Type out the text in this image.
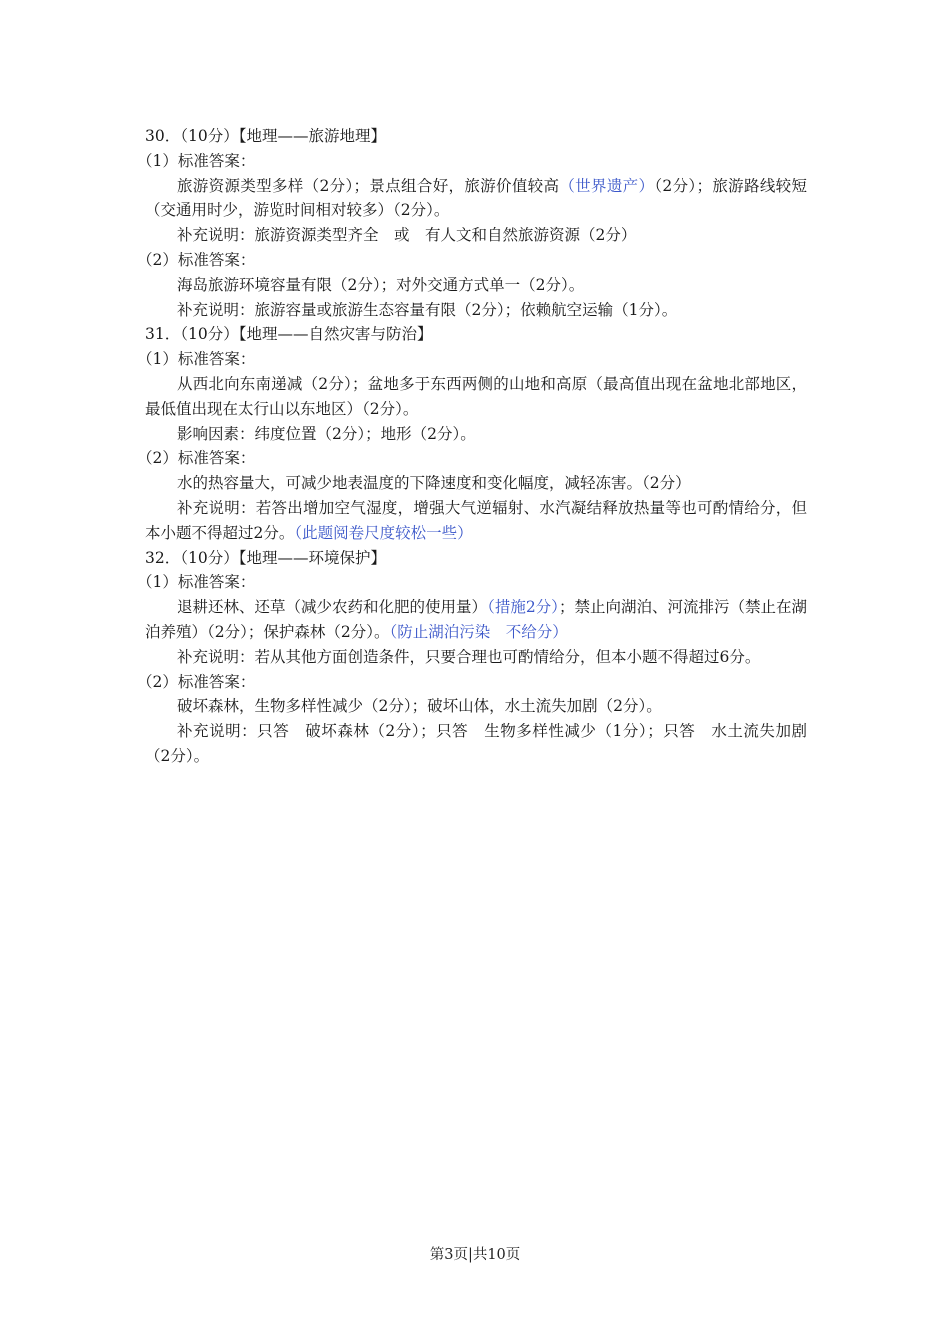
30．（10分）【地理——旅游地理】
（1）标准答案：
旅游资源类型多样（2分）；景点组合好，旅游价值较高（世界遗产）（2分）；旅游路线较短（交通用时少，游览时间相对较多）（2分）。
补充说明：旅游资源类型齐全　或　有人文和自然旅游资源（2分）
（2）标准答案：
海岛旅游环境容量有限（2分）；对外交通方式单一（2分）。
补充说明：旅游容量或旅游生态容量有限（2分）；依赖航空运输（1分）。
31．（10分）【地理——自然灾害与防治】
（1）标准答案：
从西北向东南递减（2分）；盆地多于东西两侧的山地和高原（最高值出现在盆地北部地区，最低值出现在太行山以东地区）（2分）。
影响因素：纬度位置（2分）；地形（2分）。
（2）标准答案：
水的热容量大，可减少地表温度的下降速度和变化幅度，减轻冻害。（2分）
补充说明：若答出增加空气湿度，增强大气逆辐射、水汽凝结释放热量等也可酌情给分，但本小题不得超过2分。（此题阅卷尺度较松一些）
32．（10分）【地理——环境保护】
（1）标准答案：
退耕还林、还草（减少农药和化肥的使用量）（措施2分）；禁止向湖泊、河流排污（禁止在湖泊养殖）（2分）；保护森林（2分）。（防止湖泊污染　不给分）
补充说明：若从其他方面创造条件，只要合理也可酌情给分，但本小题不得超过6分。
（2）标准答案：
破坏森林，生物多样性减少（2分）；破坏山体，水土流失加剧（2分）。
补充说明：只答　破坏森林（2分）；只答　生物多样性减少（1分）；只答　水土流失加剧（2分）。
第3页|共10页
